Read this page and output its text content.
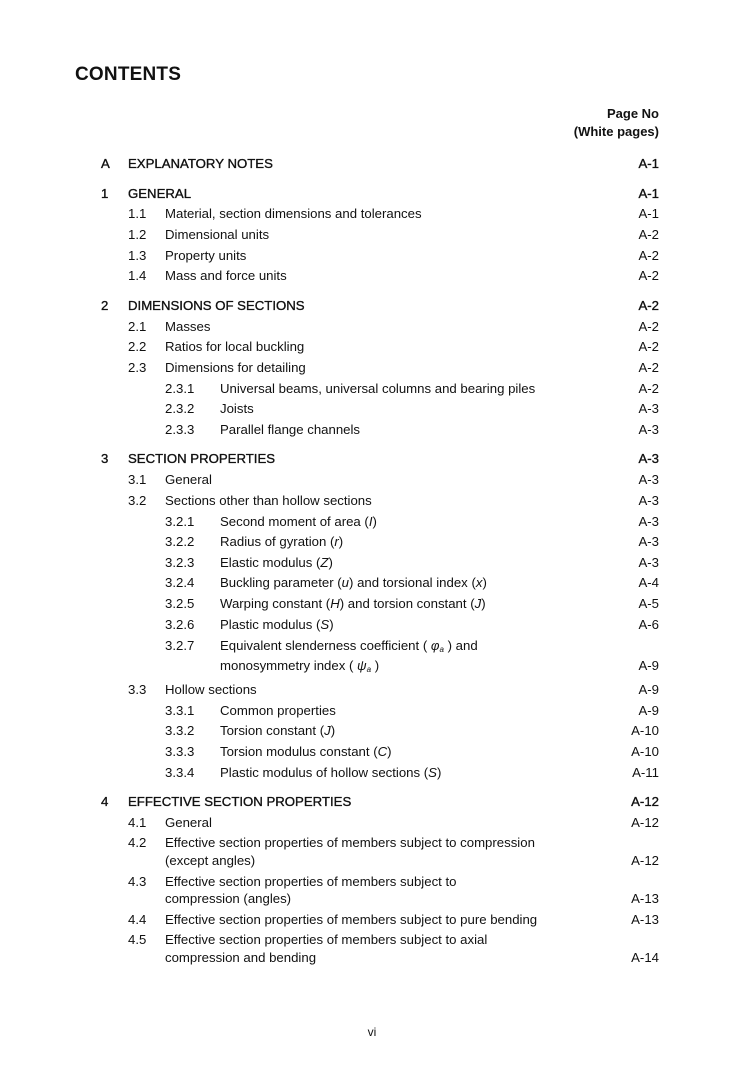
CONTENTS
Page No
(White pages)
A EXPLANATORY NOTES	A-1
1 GENERAL	A-1
1.1 Material, section dimensions and tolerances	A-1
1.2 Dimensional units	A-2
1.3 Property units	A-2
1.4 Mass and force units	A-2
2 DIMENSIONS OF SECTIONS	A-2
2.1 Masses	A-2
2.2 Ratios for local buckling	A-2
2.3 Dimensions for detailing	A-2
2.3.1 Universal beams, universal columns and bearing piles	A-2
2.3.2 Joists	A-3
2.3.3 Parallel flange channels	A-3
3 SECTION PROPERTIES	A-3
3.1 General	A-3
3.2 Sections other than hollow sections	A-3
3.2.1 Second moment of area (I)	A-3
3.2.2 Radius of gyration (r)	A-3
3.2.3 Elastic modulus (Z)	A-3
3.2.4 Buckling parameter (u) and torsional index (x)	A-4
3.2.5 Warping constant (H) and torsion constant (J)	A-5
3.2.6 Plastic modulus (S)	A-6
3.2.7 Equivalent slenderness coefficient ( $\varphi_a$ ) and
monosymmetry index ( $\psi_a$ )	A-9
3.3 Hollow sections	A-9
3.3.1 Common properties	A-9
3.3.2 Torsion constant (J)	A-10
3.3.3 Torsion modulus constant (C)	A-10
3.3.4 Plastic modulus of hollow sections (S)	A-11
4 EFFECTIVE SECTION PROPERTIES	A-12
4.1 General	A-12
4.2 Effective section properties of members subject to compression
(except angles)	A-12
4.3 Effective section properties of members subject to
compression (angles)	A-13
4.4 Effective section properties of members subject to pure bending	A-13
4.5 Effective section properties of members subject to axial
compression and bending	A-14
vi
